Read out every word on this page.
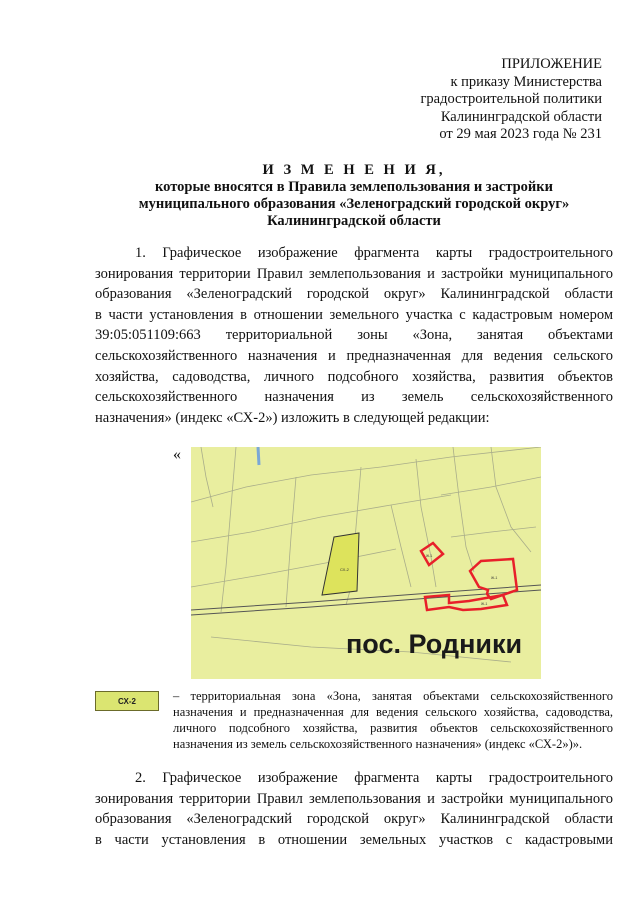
ПРИЛОЖЕНИЕ
к приказу Министерства
градостроительной политики
Калининградской области
от 29 мая 2023 года № 231
И З М Е Н Е Н И Я,
которые вносятся в Правила землепользования и застройки
муниципального образования «Зеленоградский городской округ»
Калининградской области
1. Графическое изображение фрагмента карты градостроительного
зонирования территории Правил землепользования и застройки муниципального
образования «Зеленоградский городской округ» Калининградской области
в части установления в отношении земельного участка с кадастровым номером
39:05:051109:663 территориальной зоны «Зона, занятая объектами
сельскохозяйственного назначения и предназначенная для ведения сельского
хозяйства, садоводства, личного подсобного хозяйства, развития объектов
сельскохозяйственного назначения из земель сельскохозяйственного
назначения» (индекс «СХ-2») изложить в следующей редакции:
«
СХ-2
Ж-1
Ж-1
Ж-1
пос. Родники
СХ-2	– территориальная зона «Зона, занятая объектами сельскохозяйственного
назначения и предназначенная для ведения сельского хозяйства, садоводства,
личного подсобного хозяйства, развития объектов сельскохозяйственного
назначения из земель сельскохозяйственного назначения» (индекс «СХ-2»)».
2. Графическое изображение фрагмента карты градостроительного
зонирования территории Правил землепользования и застройки муниципального
образования «Зеленоградский городской округ» Калининградской области
в части установления в отношении земельных участков с кадастровыми
